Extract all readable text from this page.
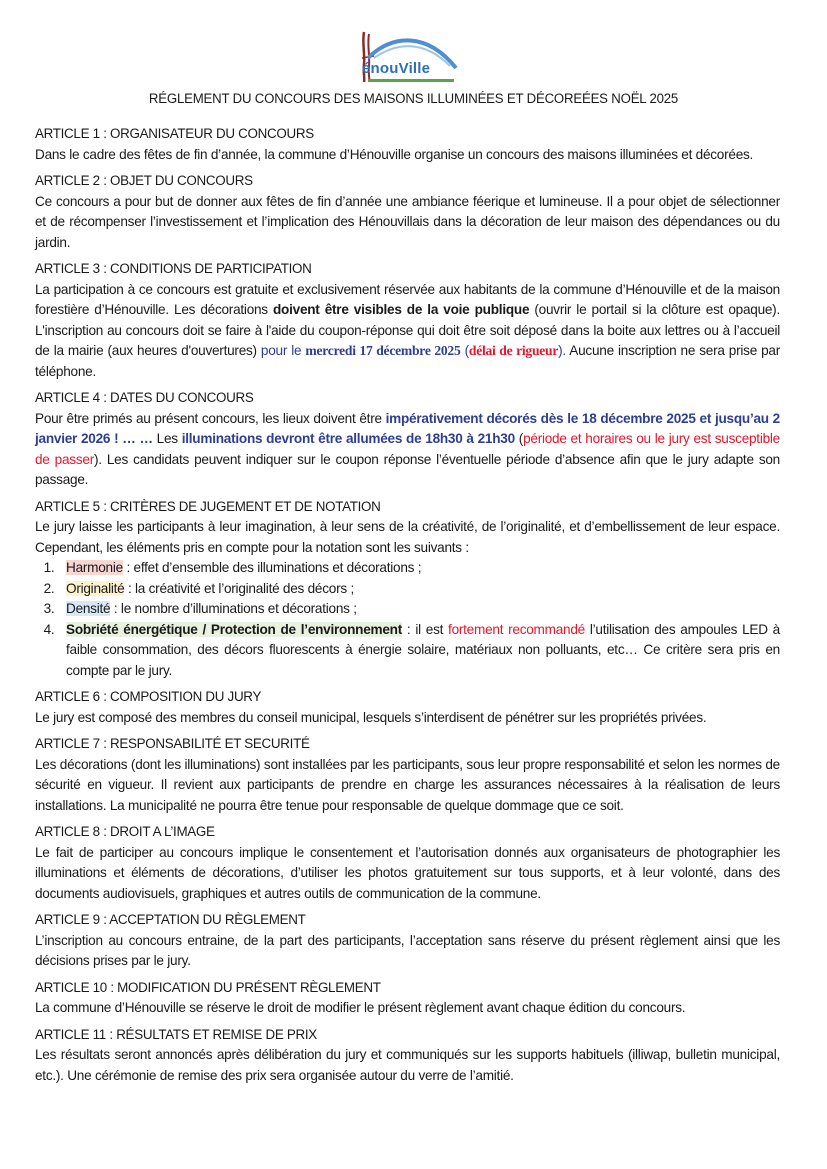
énouVille
RÉGLEMENT DU CONCOURS DES MAISONS ILLUMINÉES ET DÉCOREÉES NOËL 2025
ARTICLE 1 : ORGANISATEUR DU CONCOURS
Dans le cadre des fêtes de fin d’année, la commune d’Hénouville organise un concours des maisons illuminées et décorées.
ARTICLE 2 : OBJET DU CONCOURS
Ce concours a pour but de donner aux fêtes de fin d’année une ambiance féerique et lumineuse. Il a pour objet de sélectionner et de récompenser l’investissement et l’implication des Hénouvillais dans la décoration de leur maison des dépendances ou du jardin.
ARTICLE 3 : CONDITIONS DE PARTICIPATION
La participation à ce concours est gratuite et exclusivement réservée aux habitants de la commune d’Hénouville et de la maison forestière d’Hénouville. Les décorations doivent être visibles de la voie publique (ouvrir le portail si la clôture est opaque). L'inscription au concours doit se faire à l'aide du coupon-réponse qui doit être soit déposé dans la boite aux lettres ou à l’accueil de la mairie (aux heures d'ouvertures) pour le mercredi 17 décembre 2025 (délai de rigueur). Aucune inscription ne sera prise par téléphone.
ARTICLE 4 : DATES DU CONCOURS
Pour être primés au présent concours, les lieux doivent être impérativement décorés dès le 18 décembre 2025 et jusqu’au 2 janvier 2026 ! … … Les illuminations devront être allumées de 18h30 à 21h30 (période et horaires ou le jury est susceptible de passer). Les candidats peuvent indiquer sur le coupon réponse l’éventuelle période d’absence afin que le jury adapte son passage.
ARTICLE 5 : CRITÈRES DE JUGEMENT ET DE NOTATION
Le jury laisse les participants à leur imagination, à leur sens de la créativité, de l’originalité, et d’embellissement de leur espace. Cependant, les éléments pris en compte pour la notation sont les suivants :
1. Harmonie : effet d’ensemble des illuminations et décorations ;
2. Originalité : la créativité et l’originalité des décors ;
3. Densité : le nombre d’illuminations et décorations ;
4. Sobriété énergétique / Protection de l’environnement : il est fortement recommandé l’utilisation des ampoules LED à faible consommation, des décors fluorescents à énergie solaire, matériaux non polluants, etc… Ce critère sera pris en compte par le jury.
ARTICLE 6 : COMPOSITION DU JURY
Le jury est composé des membres du conseil municipal, lesquels s’interdisent de pénétrer sur les propriétés privées.
ARTICLE 7 : RESPONSABILITÉ ET SECURITÉ
Les décorations (dont les illuminations) sont installées par les participants, sous leur propre responsabilité et selon les normes de sécurité en vigueur. Il revient aux participants de prendre en charge les assurances nécessaires à la réalisation de leurs installations. La municipalité ne pourra être tenue pour responsable de quelque dommage que ce soit.
ARTICLE 8 : DROIT A L’IMAGE
Le fait de participer au concours implique le consentement et l’autorisation donnés aux organisateurs de photographier les illuminations et éléments de décorations, d’utiliser les photos gratuitement sur tous supports, et à leur volonté, dans des documents audiovisuels, graphiques et autres outils de communication de la commune.
ARTICLE 9 : ACCEPTATION DU RÈGLEMENT
L’inscription au concours entraine, de la part des participants, l’acceptation sans réserve du présent règlement ainsi que les décisions prises par le jury.
ARTICLE 10 : MODIFICATION DU PRÉSENT RÈGLEMENT
La commune d’Hénouville se réserve le droit de modifier le présent règlement avant chaque édition du concours.
ARTICLE 11 : RÉSULTATS ET REMISE DE PRIX
Les résultats seront annoncés après délibération du jury et communiqués sur les supports habituels (illiwap, bulletin municipal, etc.). Une cérémonie de remise des prix sera organisée autour du verre de l’amitié.
